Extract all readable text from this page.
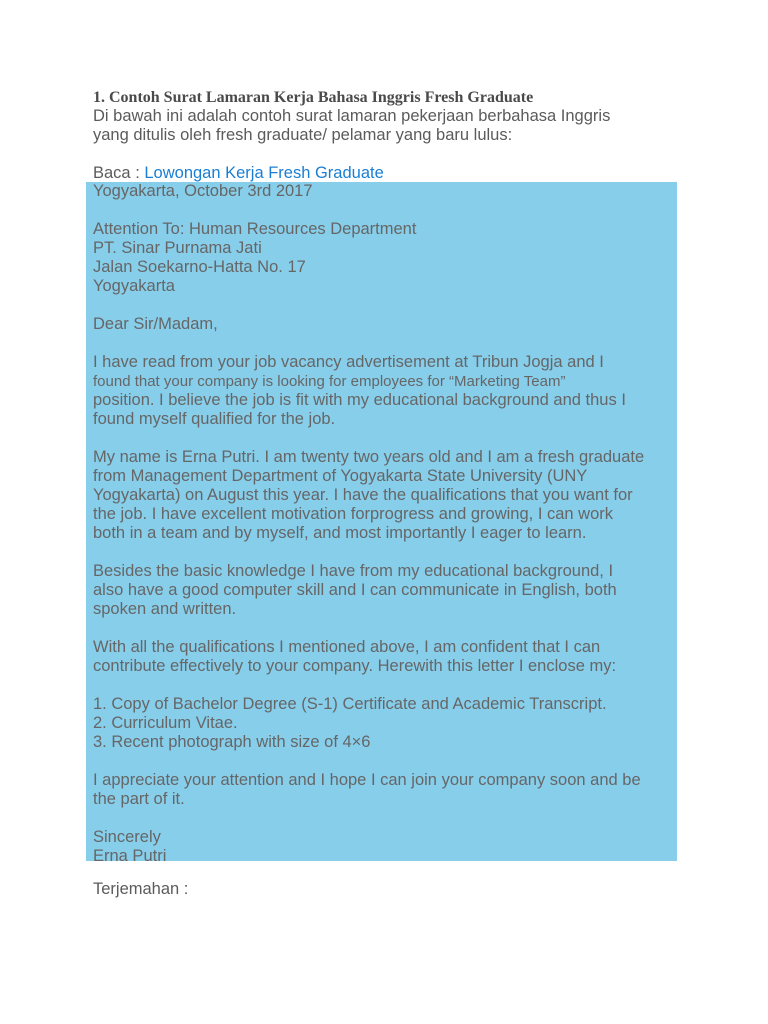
1. Contoh Surat Lamaran Kerja Bahasa Inggris Fresh Graduate

Di bawah ini adalah contoh surat lamaran pekerjaan berbahasa Inggris

yang ditulis oleh fresh graduate/ pelamar yang baru lulus:

Baca : Lowongan Kerja Fresh Graduate

Yogyakarta, October 3rd 2017

Attention To: Human Resources Department

PT. Sinar Purnama Jati

Jalan Soekarno-Hatta No. 17

Yogyakarta

Dear Sir/Madam,

I have read from your job vacancy advertisement at Tribun Jogja and I

found that your company is looking for employees for “Marketing Team”

position. I believe the job is fit with my educational background and thus I

found myself qualified for the job.

My name is Erna Putri. I am twenty two years old and I am a fresh graduate

from Management Department of Yogyakarta State University (UNY

Yogyakarta) on August this year. I have the qualifications that you want for

the job. I have excellent motivation forprogress and growing, I can work

both in a team and by myself, and most importantly I eager to learn.

Besides the basic knowledge I have from my educational background, I

also have a good computer skill and I can communicate in English, both

spoken and written.

With all the qualifications I mentioned above, I am confident that I can

contribute effectively to your company. Herewith this letter I enclose my:

1. Copy of Bachelor Degree (S-1) Certificate and Academic Transcript.

2. Curriculum Vitae.

3. Recent photograph with size of 4×6

I appreciate your attention and I hope I can join your company soon and be

the part of it.

Sincerely

Erna Putri

Terjemahan :
